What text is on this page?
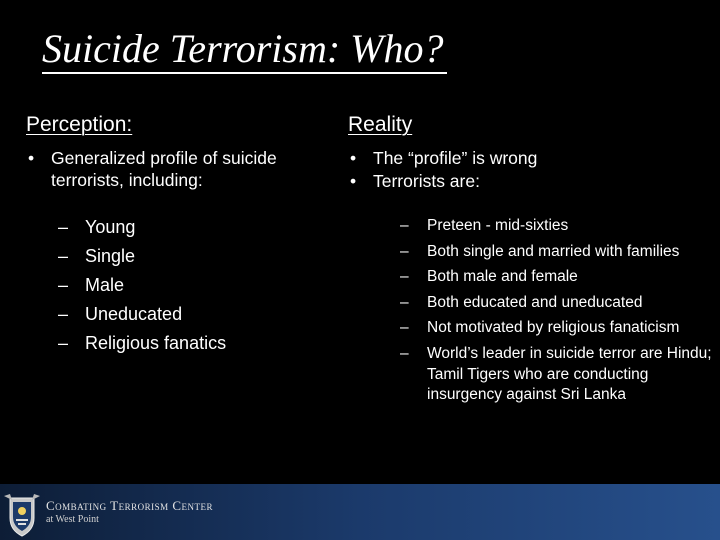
Suicide Terrorism: Who?
Perception:
• Generalized profile of suicide terrorists, including:
– Young
– Single
– Male
– Uneducated
– Religious fanatics
Reality
• The “profile” is wrong
• Terrorists are:
– Preteen - mid-sixties
– Both single and married with families
– Both male and female
– Both educated and uneducated
– Not motivated by religious fanaticism
– World’s leader in suicide terror are Hindu; Tamil Tigers who are conducting insurgency against Sri Lanka
Combating Terrorism Center
at West Point
